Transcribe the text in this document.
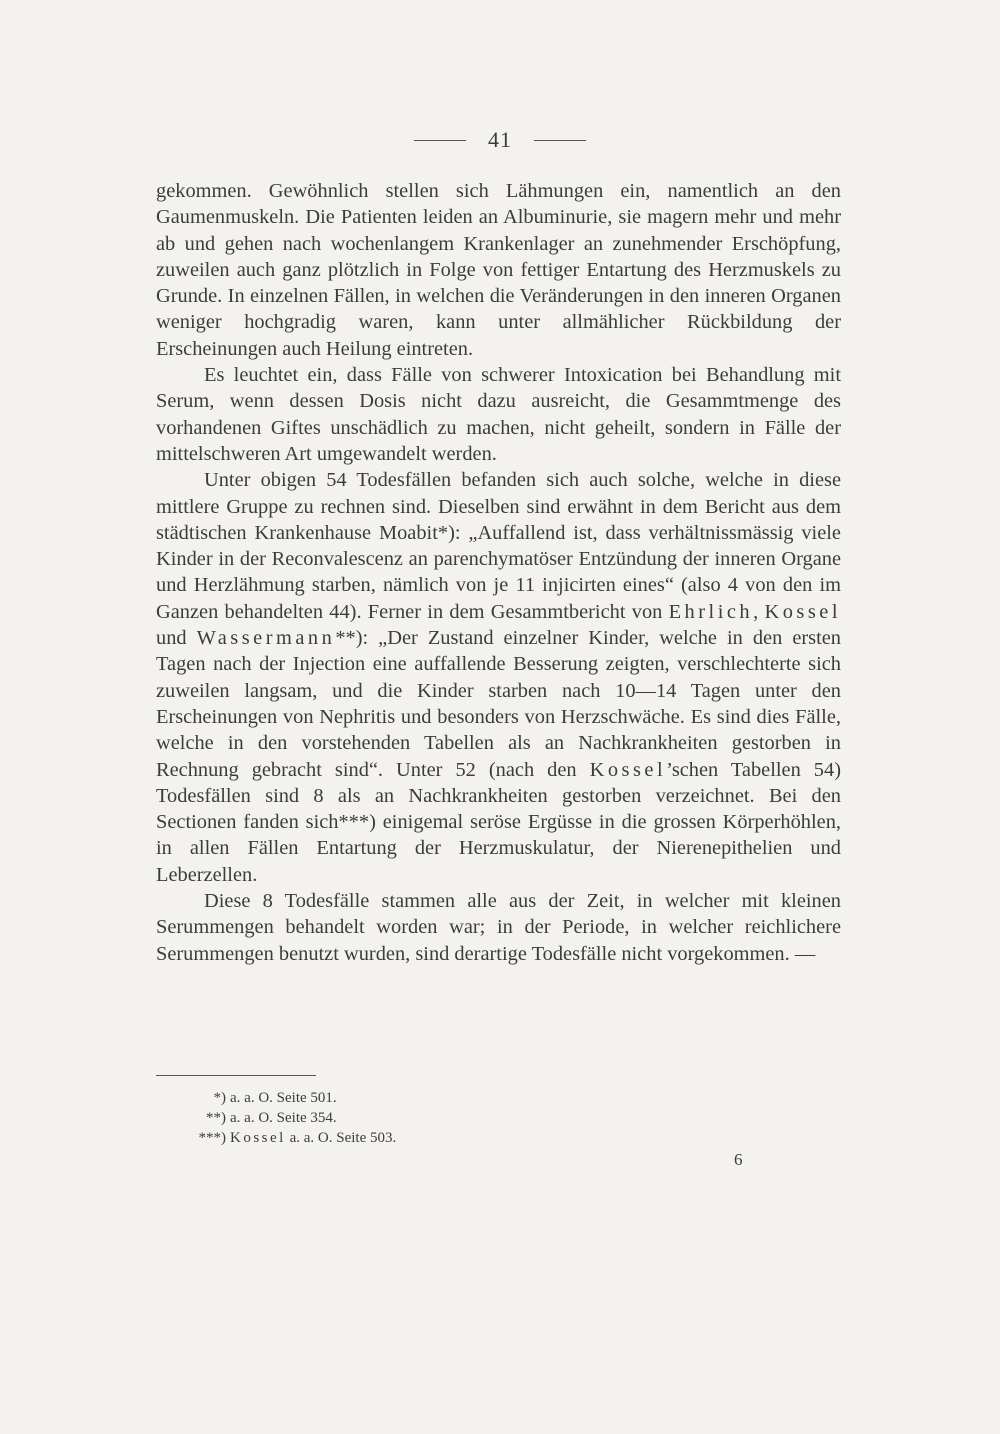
41

gekommen. Gewöhnlich stellen sich Lähmungen ein, namentlich an den Gaumenmuskeln. Die Patienten leiden an Albuminurie, sie magern mehr und mehr ab und gehen nach wochenlangem Krankenlager an zunehmender Erschöpfung, zuweilen auch ganz plötzlich in Folge von fettiger Entartung des Herzmuskels zu Grunde. In einzelnen Fällen, in welchen die Veränderungen in den inneren Organen weniger hochgradig waren, kann unter allmählicher Rückbildung der Erscheinungen auch Heilung eintreten.

Es leuchtet ein, dass Fälle von schwerer Intoxication bei Behandlung mit Serum, wenn dessen Dosis nicht dazu ausreicht, die Gesammtmenge des vorhandenen Giftes unschädlich zu machen, nicht geheilt, sondern in Fälle der mittelschweren Art umgewandelt werden.

Unter obigen 54 Todesfällen befanden sich auch solche, welche in diese mittlere Gruppe zu rechnen sind. Dieselben sind erwähnt in dem Bericht aus dem städtischen Krankenhause Moabit*): „Auffallend ist, dass verhältnissmässig viele Kinder in der Reconvalescenz an parenchymatöser Entzündung der inneren Organe und Herzlähmung starben, nämlich von je 11 injicirten eines“ (also 4 von den im Ganzen behandelten 44). Ferner in dem Gesammtbericht von Ehrlich, Kossel und Wassermann**): „Der Zustand einzelner Kinder, welche in den ersten Tagen nach der Injection eine auffallende Besserung zeigten, verschlechterte sich zuweilen langsam, und die Kinder starben nach 10—14 Tagen unter den Erscheinungen von Nephritis und besonders von Herzschwäche. Es sind dies Fälle, welche in den vorstehenden Tabellen als an Nachkrankheiten gestorben in Rechnung gebracht sind“. Unter 52 (nach den Kossel’schen Tabellen 54) Todesfällen sind 8 als an Nachkrankheiten gestorben verzeichnet. Bei den Sectionen fanden sich***) einigemal seröse Ergüsse in die grossen Körperhöhlen, in allen Fällen Entartung der Herzmuskulatur, der Nierenepithelien und Leberzellen.

Diese 8 Todesfälle stammen alle aus der Zeit, in welcher mit kleinen Serummengen behandelt worden war; in der Periode, in welcher reichlichere Serummengen benutzt wurden, sind derartige Todesfälle nicht vorgekommen. —

*) a. a. O. Seite 501.

**) a. a. O. Seite 354.

***) Kossel a. a. O. Seite 503.

6
